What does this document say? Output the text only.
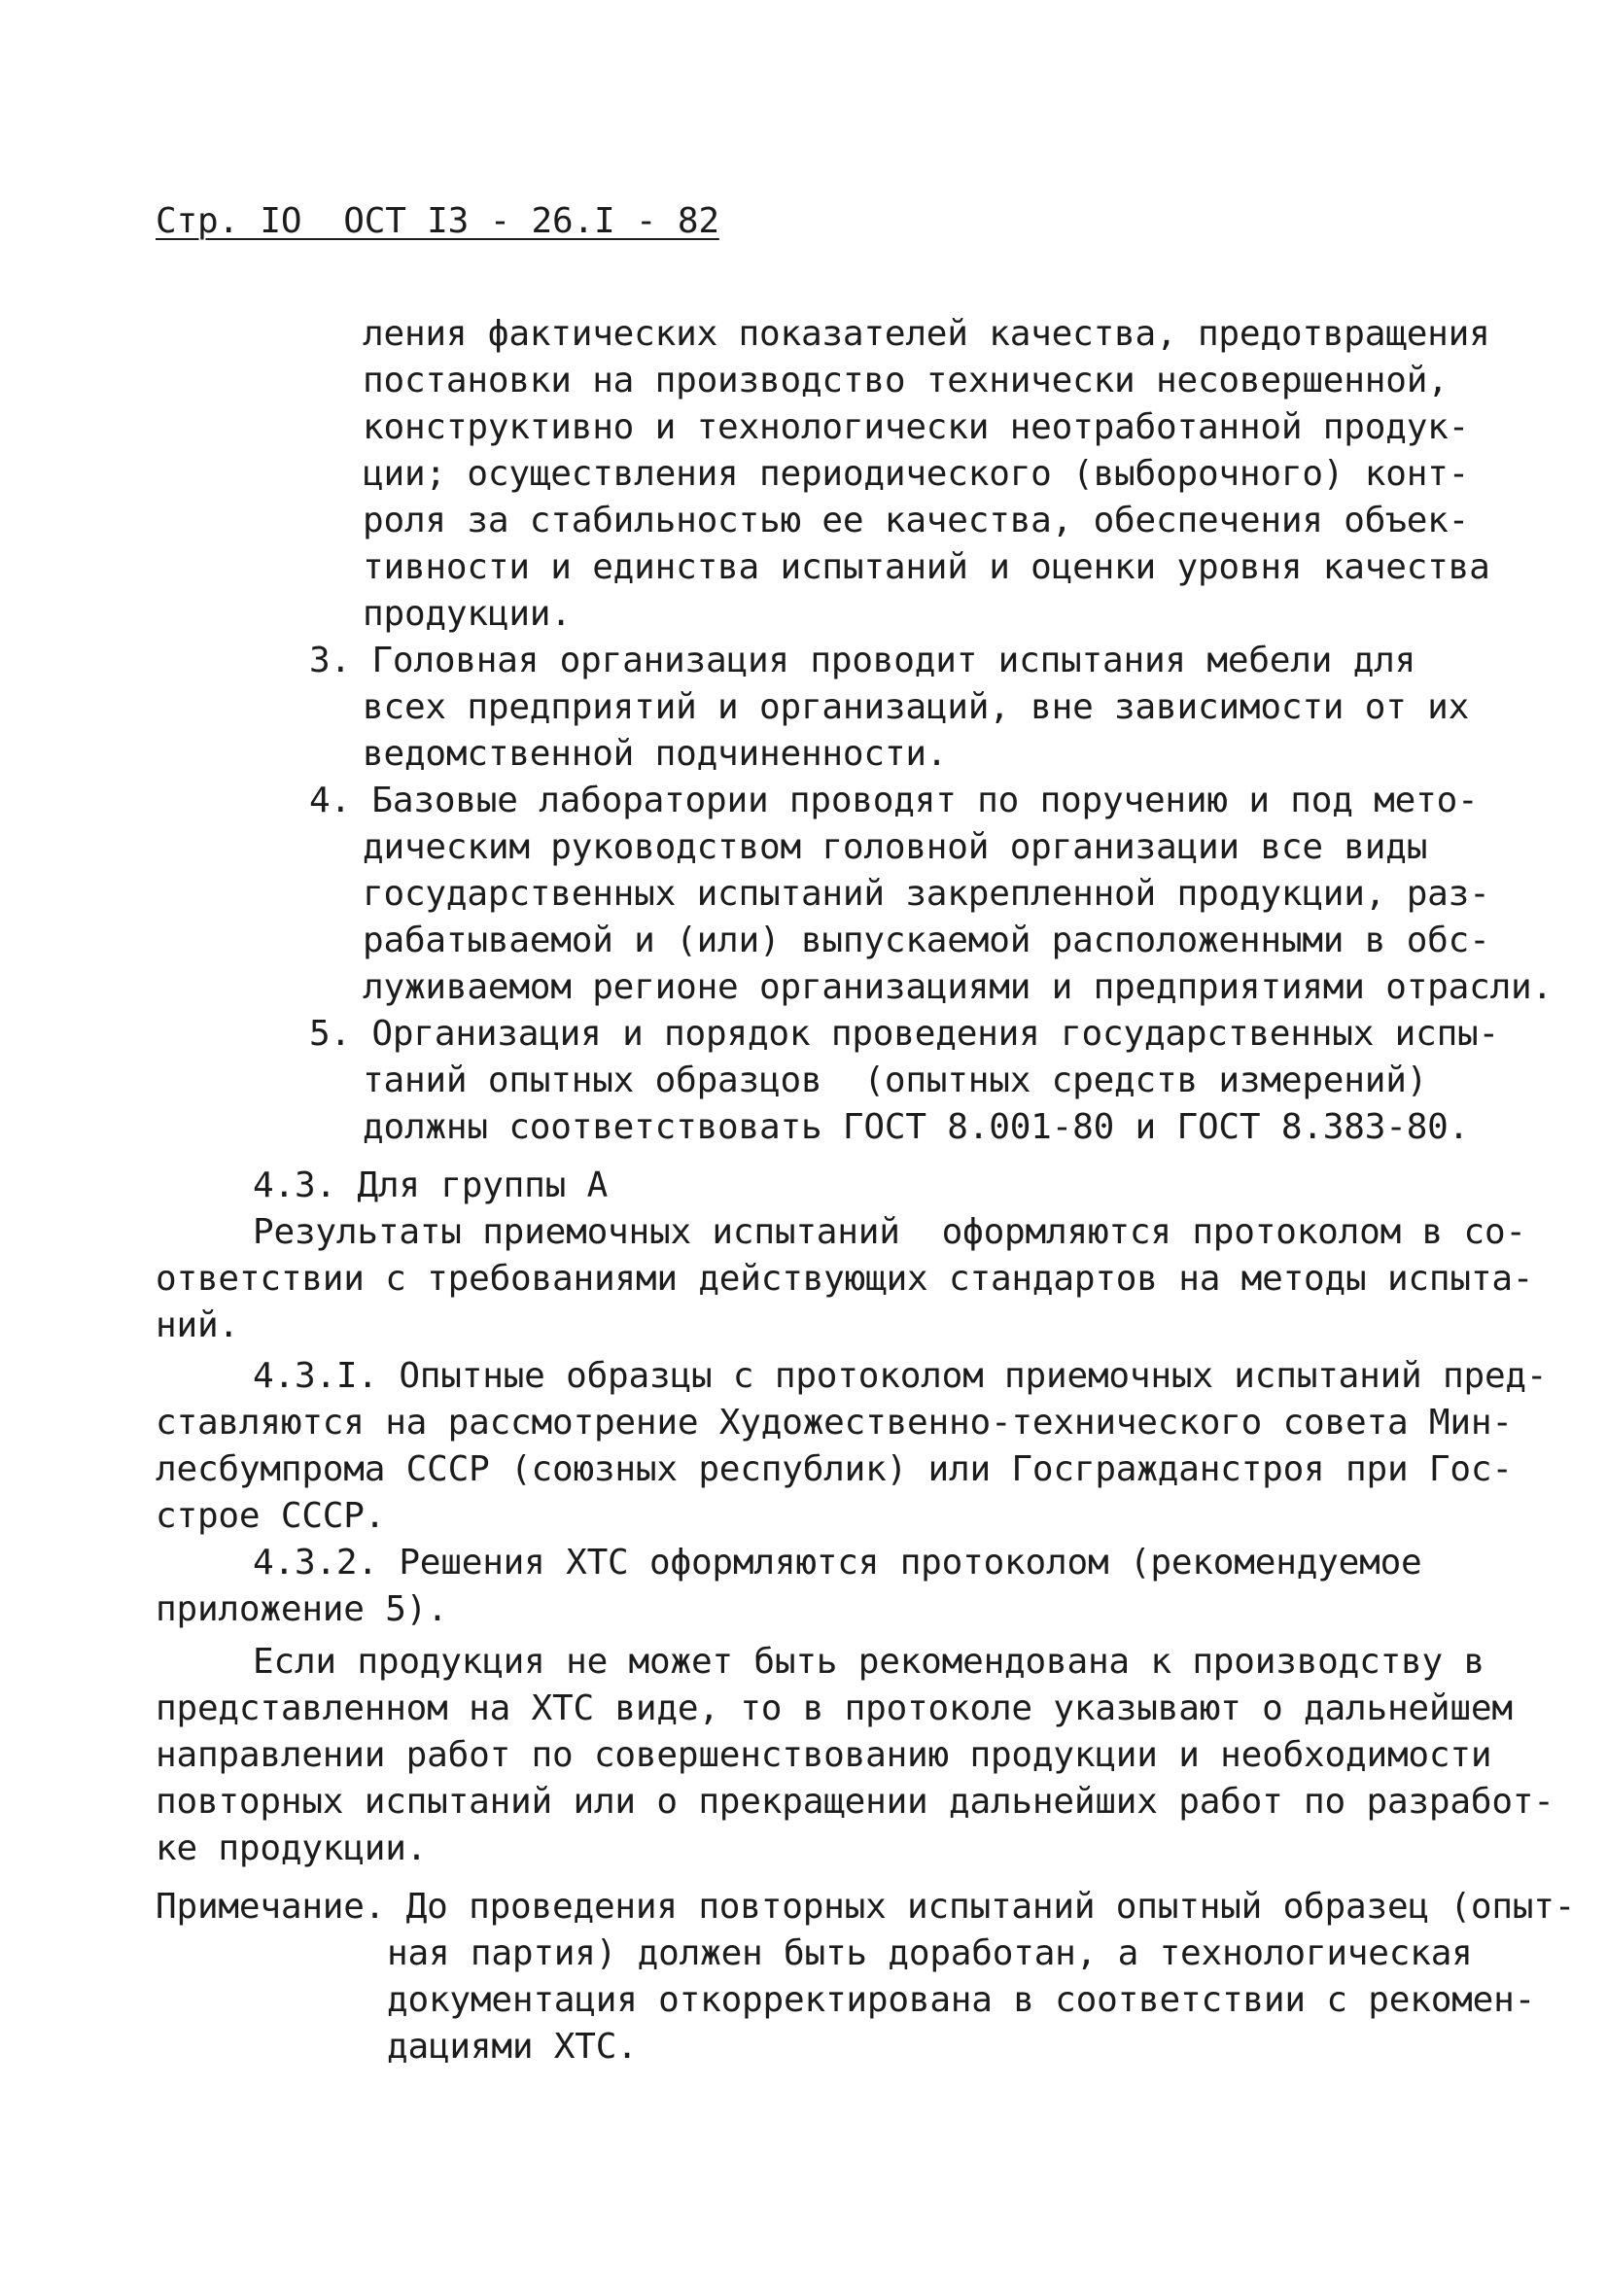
Стр. IO  ОСТ I3 - 26.I - 82
ления фактических показателей качества, предотвращения
постановки на производство технически несовершенной,
конструктивно и технологически неотработанной продук-
ции; осуществления периодического (выборочного) конт-
роля за стабильностью ее качества, обеспечения объек-
тивности и единства испытаний и оценки уровня качества
продукции.
3. Головная организация проводит испытания мебели для
всех предприятий и организаций, вне зависимости от их
ведомственной подчиненности.
4. Базовые лаборатории проводят по поручению и под мето-
дическим руководством головной организации все виды
государственных испытаний закрепленной продукции, раз-
рабатываемой и (или) выпускаемой расположенными в обс-
луживаемом регионе организациями и предприятиями отрасли.
5. Организация и порядок проведения государственных испы-
таний опытных образцов  (опытных средств измерений)
должны соответствовать ГОСТ 8.001-80 и ГОСТ 8.383-80.
4.3. Для группы А
Результаты приемочных испытаний  оформляются протоколом в со-
ответствии с требованиями действующих стандартов на методы испыта-
ний.
4.3.I. Опытные образцы с протоколом приемочных испытаний пред-
ставляются на рассмотрение Художественно-технического совета Мин-
лесбумпрома СССР (союзных республик) или Госгражданстроя при Гос-
строе СССР.
4.3.2. Решения ХТС оформляются протоколом (рекомендуемое
приложение 5).
Если продукция не может быть рекомендована к производству в
представленном на ХТС виде, то в протоколе указывают о дальнейшем
направлении работ по совершенствованию продукции и необходимости
повторных испытаний или о прекращении дальнейших работ по разработ-
ке продукции.
Примечание. До проведения повторных испытаний опытный образец (опыт-
ная партия) должен быть доработан, а технологическая
документация откорректирована в соответствии с рекомен-
дациями ХТС.
